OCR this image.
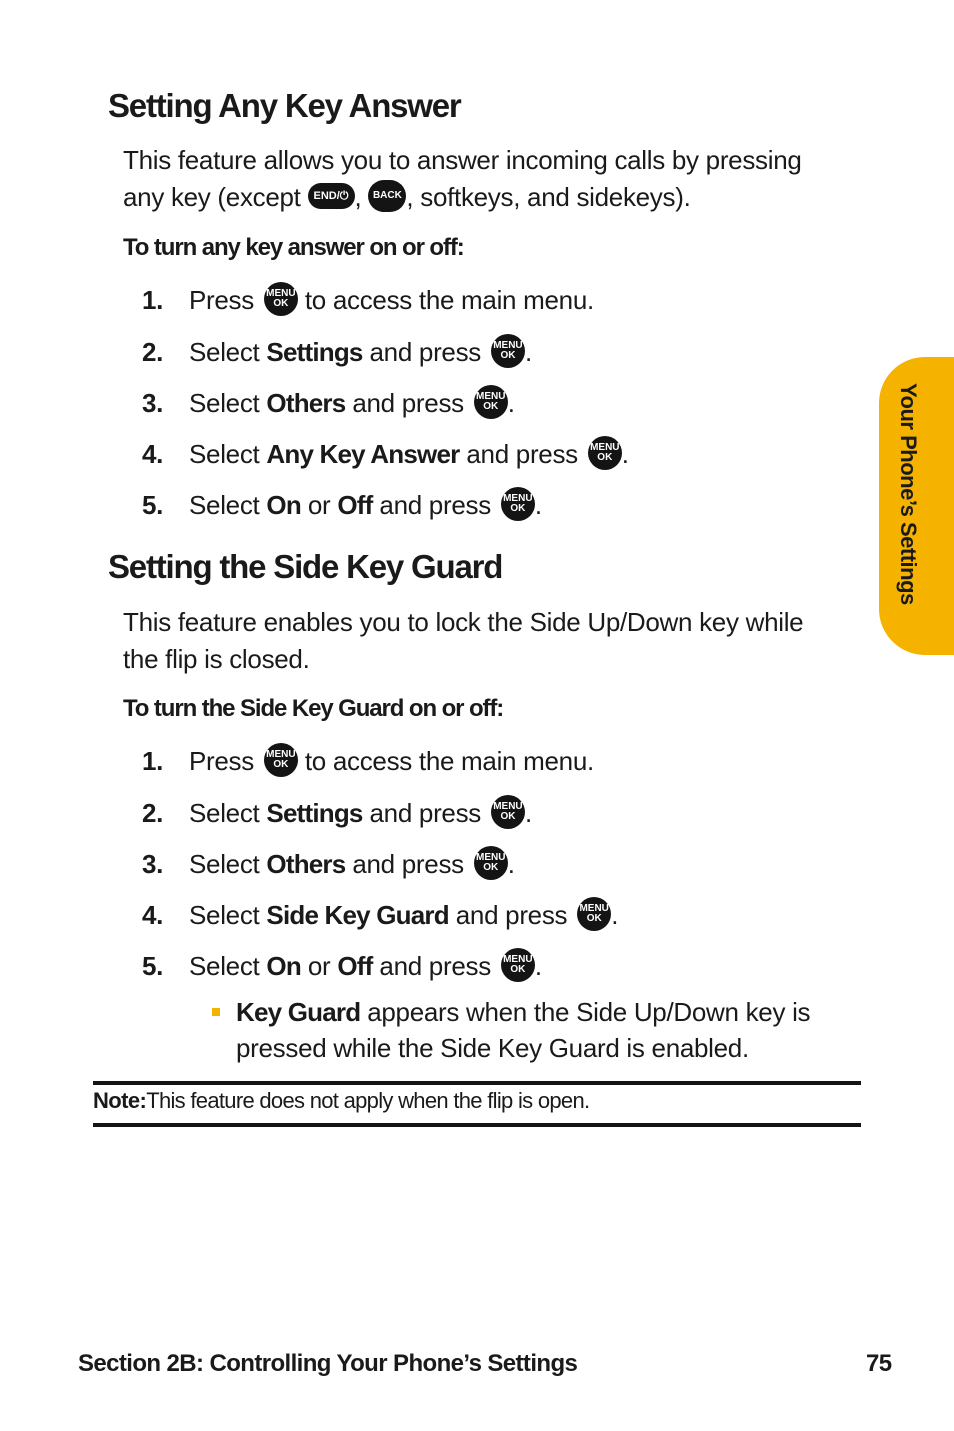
Setting Any Key Answer

This feature allows you to answer incoming calls by pressing
any key (except END/⏻ , BACK , softkeys, and sidekeys).

To turn any key answer on or off:
1. Press MENU
OK to access the main menu.
2. Select Settings and press MENU
OK .
3. Select Others and press MENU
OK .
4. Select Any Key Answer and press MENU
OK .
5. Select On or Off and press MENU
OK .
Setting the Side Key Guard

This feature enables you to lock the Side Up/Down key while
the flip is closed.

To turn the Side Key Guard on or off:
1. Press MENU
OK to access the main menu.
2. Select Settings and press MENU
OK .
3. Select Others and press MENU
OK .
4. Select Side Key Guard and press MENU
OK .
5. Select On or Off and press MENU
OK .

Key Guard appears when the Side Up/Down key is
pressed while the Side Key Guard is enabled.

Note:This feature does not apply when the flip is open.

Your Phone’s Settings
Section 2B: Controlling Your Phone’s Settings	75
